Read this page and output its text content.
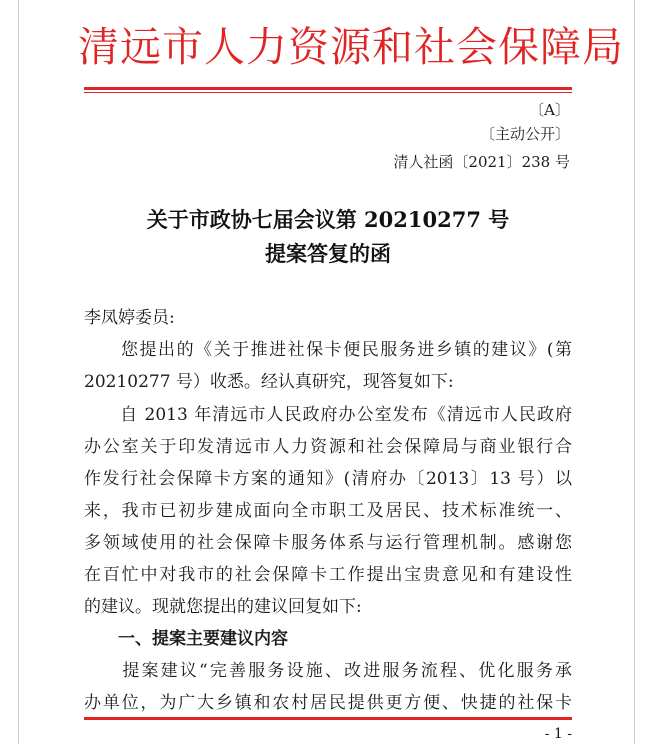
清远市人力资源和社会保障局
〔A〕
〔主动公开〕
清人社函〔2021〕238 号
关于市政协七届会议第 20210277 号
提案答复的函
李凤婷委员:
　　您提出的《关于推进社保卡便民服务进乡镇的建议》(第
20210277 号）收悉。经认真研究，现答复如下:
　　自 2013 年清远市人民政府办公室发布《清远市人民政府
办公室关于印发清远市人力资源和社会保障局与商业银行合
作发行社会保障卡方案的通知》(清府办〔2013〕13 号）以
来，我市已初步建成面向全市职工及居民、技术标准统一、
多领域使用的社会保障卡服务体系与运行管理机制。感谢您
在百忙中对我市的社会保障卡工作提出宝贵意见和有建设性
的建议。现就您提出的建议回复如下:
　　一、提案主要建议内容
　　提案建议“完善服务设施、改进服务流程、优化服务承
办单位，为广大乡镇和农村居民提供更方便、快捷的社保卡
- 1 -
